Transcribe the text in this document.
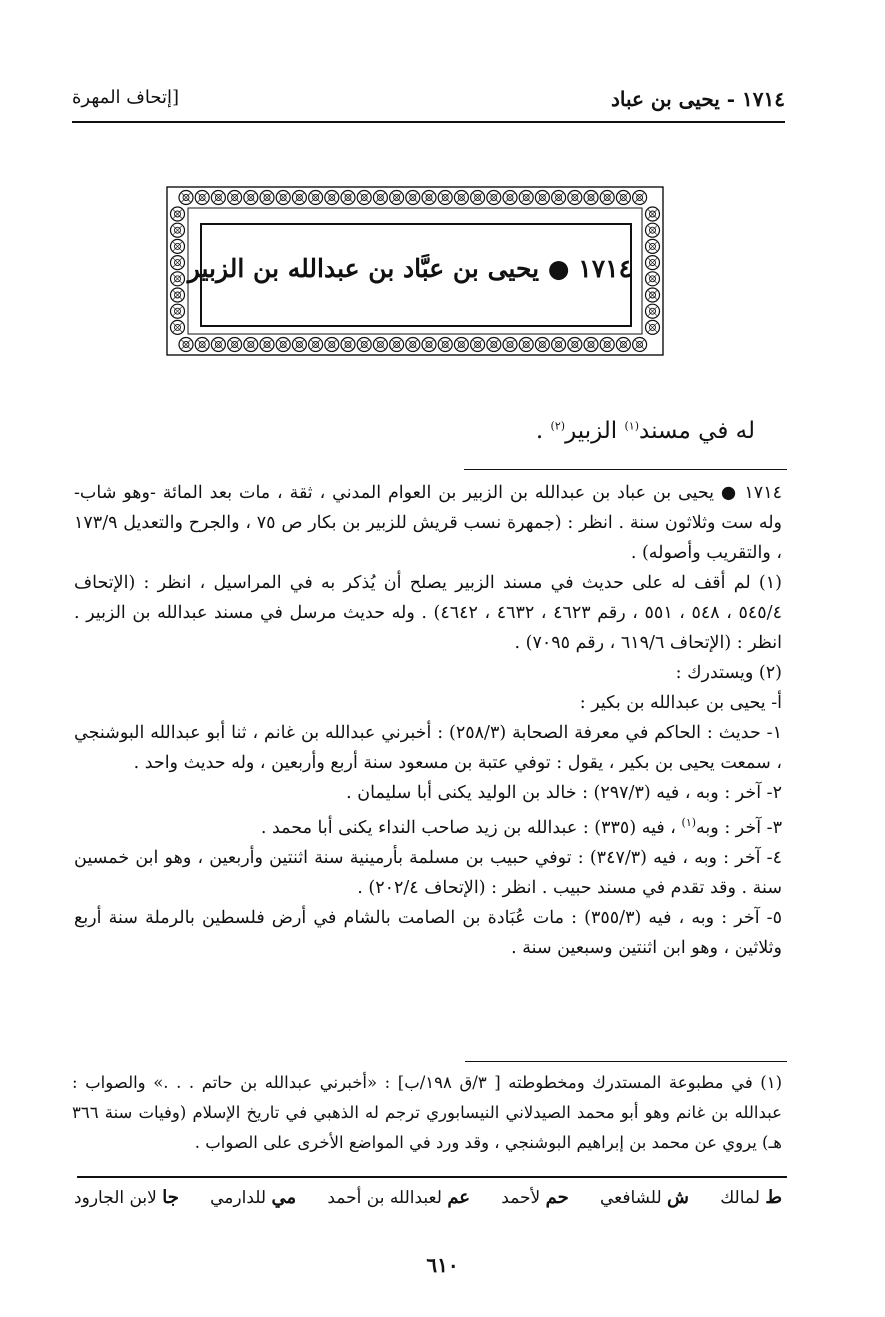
١٧١٤ - يحيى بن عباد
[إتحاف المهرة
١٧١٤ ● يحيى بن عبَّاد بن عبدالله بن الزبير
له في مسند$^{(١)}$ الزبير$^{(٢)}$ .

١٧١٤ ● يحيى بن عباد بن عبدالله بن الزبير بن العوام المدني ، ثقة ، مات بعد المائة -وهو شاب- وله ست وثلاثون سنة . انظر : (جمهرة نسب قريش للزبير بن بكار ص ٧٥ ، والجرح والتعديل ١٧٣/٩ ، والتقريب وأصوله) .

(١) لم أقف له على حديث في مسند الزبير يصلح أن يُذكر به في المراسيل ، انظر : (الإتحاف ٥٤٥/٤ ، ٥٤٨ ، ٥٥١ ، رقم ٤٦٢٣ ، ٤٦٣٢ ، ٤٦٤٢) . وله حديث مرسل في مسند عبدالله بن الزبير . انظر : (الإتحاف ٦١٩/٦ ، رقم ٧٠٩٥) .

(٢) ويستدرك :

أ- يحيى بن عبدالله بن بكير :

١- حديث : الحاكم في معرفة الصحابة (٢٥٨/٣) : أخبرني عبدالله بن غانم ، ثنا أبو عبدالله البوشنجي ، سمعت يحيى بن بكير ، يقول : توفي عتبة بن مسعود سنة أربع وأربعين ، وله حديث واحد .

٢- آخر : وبه ، فيه (٢٩٧/٣) : خالد بن الوليد يكنى أبا سليمان .

٣- آخر : وبه$^{(١)}$ ، فيه (٣٣٥) : عبدالله بن زيد صاحب النداء يكنى أبا محمد .

٤- آخر : وبه ، فيه (٣٤٧/٣) : توفي حبيب بن مسلمة بأرمينية سنة اثنتين وأربعين ، وهو ابن خمسين سنة . وقد تقدم في مسند حبيب . انظر : (الإتحاف ٢٠٢/٤) .

٥- آخر : وبه ، فيه (٣٥٥/٣) : مات عُبَادة بن الصامت بالشام في أرض فلسطين بالرملة سنة أربع وثلاثين ، وهو ابن اثنتين وسبعين سنة .

(١) في مطبوعة المستدرك ومخطوطته [ ٣/ق ١٩٨/ب] : «أخبرني عبدالله بن حاتم . . .» والصواب : عبدالله بن غانم وهو أبو محمد الصيدلاني النيسابوري ترجم له الذهبي في تاريخ الإسلام (وفيات سنة ٣٦٦ هـ) يروي عن محمد بن إبراهيم البوشنجي ، وقد ورد في المواضع الأخرى على الصواب .

ط لمالك
ش للشافعي
حم لأحمد
عم لعبدالله بن أحمد
مي للدارمي
جا لابن الجارود
٦١٠
